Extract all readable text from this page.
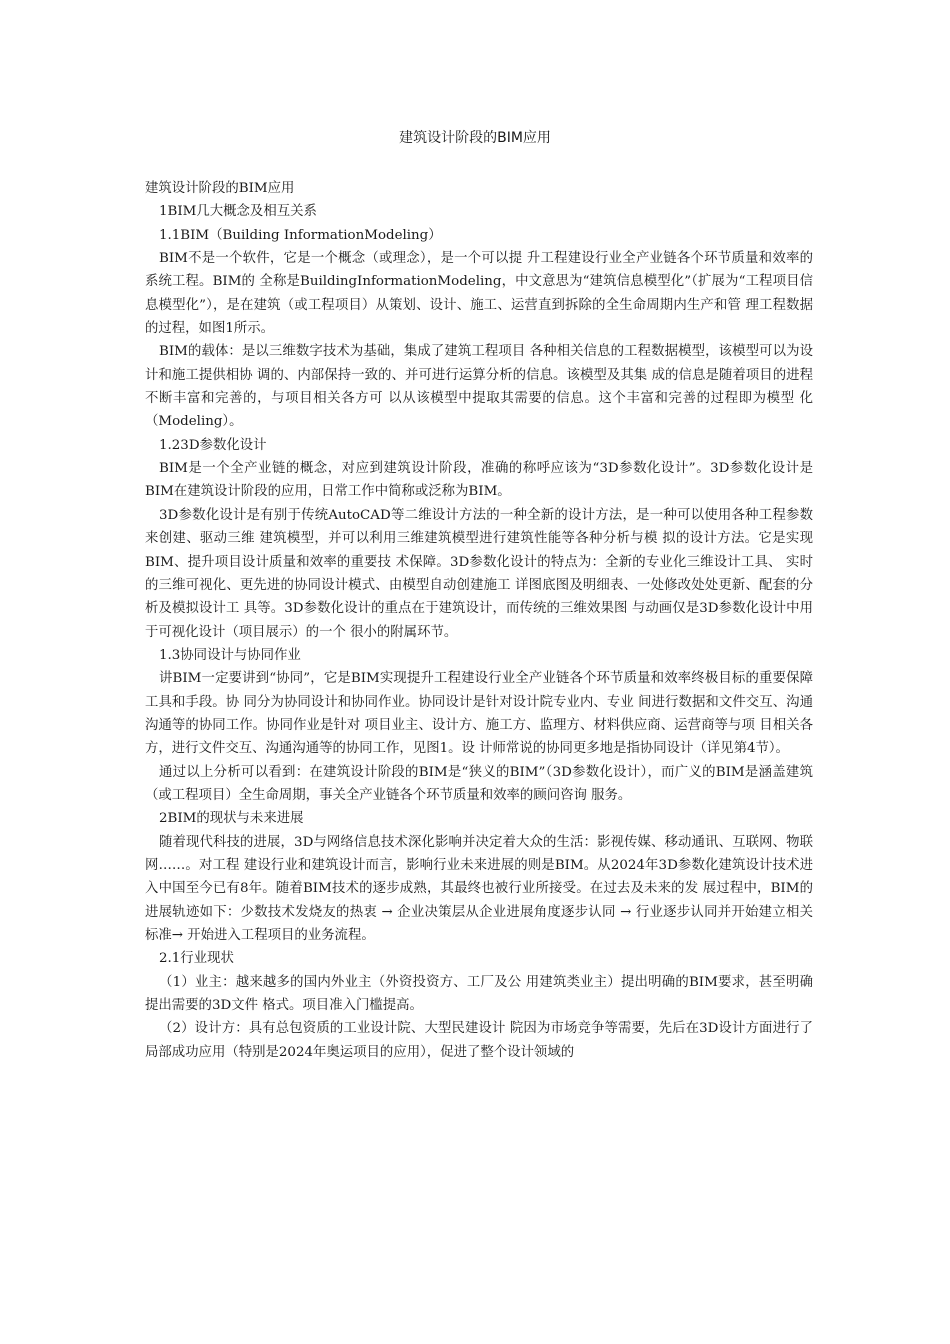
建筑设计阶段的BIM应用

建筑设计阶段的BIM应用

1BIM几大概念及相互关系

1.1BIM（Building InformationModeling）

BIM不是一个软件，它是一个概念（或理念），是一个可以提 升工程建设行业全产业链各个环节质量和效率的系统工程。BIM的 全称是BuildingInformationModeling，中文意思为“建筑信息模型化”（扩展为“工程项目信息模型化”），是在建筑（或工程项目）从策划、设计、施工、运营直到拆除的全生命周期内生产和管 理工程数据的过程，如图1所示。

BIM的载体：是以三维数字技术为基础，集成了建筑工程项目 各种相关信息的工程数据模型，该模型可以为设计和施工提供相协 调的、内部保持一致的、并可进行运算分析的信息。该模型及其集 成的信息是随着项目的进程不断丰富和完善的，与项目相关各方可 以从该模型中提取其需要的信息。这个丰富和完善的过程即为模型 化（Modeling）。

1.23D参数化设计

BIM是一个全产业链的概念，对应到建筑设计阶段，准确的称呼应该为“3D参数化设计”。3D参数化设计是BIM在建筑设计阶段的应用，日常工作中简称或泛称为BIM。

3D参数化设计是有别于传统AutoCAD等二维设计方法的一种全新的设计方法，是一种可以使用各种工程参数来创建、驱动三维 建筑模型，并可以利用三维建筑模型进行建筑性能等各种分析与模 拟的设计方法。它是实现BIM、提升项目设计质量和效率的重要技 术保障。3D参数化设计的特点为：全新的专业化三维设计工具、 实时的三维可视化、更先进的协同设计模式、由模型自动创建施工 详图底图及明细表、一处修改处处更新、配套的分析及模拟设计工 具等。3D参数化设计的重点在于建筑设计，而传统的三维效果图 与动画仅是3D参数化设计中用于可视化设计（项目展示）的一个 很小的附属环节。

1.3协同设计与协同作业

讲BIM一定要讲到“协同”，它是BIM实现提升工程建设行业全产业链各个环节质量和效率终极目标的重要保障工具和手段。协 同分为协同设计和协同作业。协同设计是针对设计院专业内、专业 间进行数据和文件交互、沟通沟通等的协同工作。协同作业是针对 项目业主、设计方、施工方、监理方、材料供应商、运营商等与项 目相关各方，进行文件交互、沟通沟通等的协同工作，见图1。设 计师常说的协同更多地是指协同设计（详见第4节）。

通过以上分析可以看到：在建筑设计阶段的BIM是“狭义的BIM”（3D参数化设计），而广义的BIM是涵盖建筑（或工程项目）全生命周期，事关全产业链各个环节质量和效率的顾问咨询 服务。

2BIM的现状与未来进展

随着现代科技的进展，3D与网络信息技术深化影响并决定着大众的生活：影视传媒、移动通讯、互联网、物联网……。对工程 建设行业和建筑设计而言，影响行业未来进展的则是BIM。从2024年3D参数化建筑设计技术进入中国至今已有8年。随着BIM技术的逐步成熟，其最终也被行业所接受。在过去及未来的发 展过程中，BIM的进展轨迹如下：少数技术发烧友的热衷 → 企业决策层从企业进展角度逐步认同 → 行业逐步认同并开始建立相关标准→ 开始进入工程项目的业务流程。

2.1行业现状

（1）业主：越来越多的国内外业主（外资投资方、工厂及公 用建筑类业主）提出明确的BIM要求，甚至明确提出需要的3D文件 格式。项目准入门槛提高。

（2）设计方：具有总包资质的工业设计院、大型民建设计 院因为市场竞争等需要，先后在3D设计方面进行了局部成功应用（特别是2024年奥运项目的应用），促进了整个设计领域的
